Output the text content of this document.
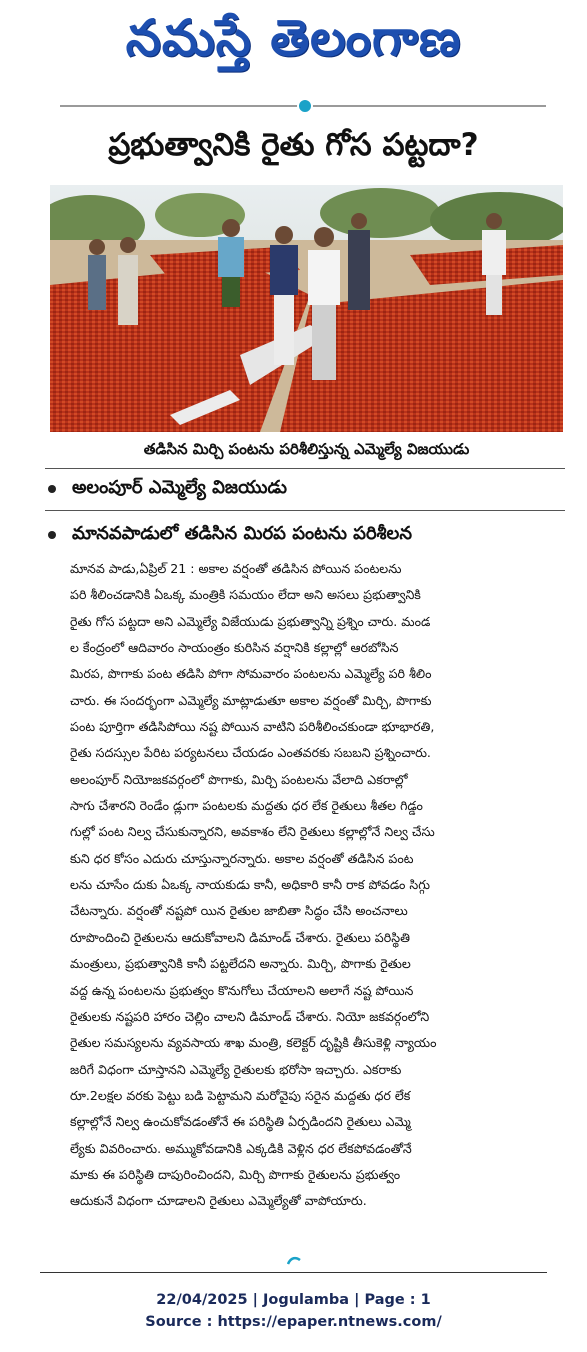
నమస్తే తెలంగాణ
ప్రభుత్వానికి రైతు గోస పట్టదా?
తడిసిన మిర్చి పంటను పరిశీలిస్తున్న ఎమ్మెల్యే విజయుడు
అలంపూర్ ఎమ్మెల్యే విజయుడు
మానవపాడులో తడిసిన మిరప పంటను పరిశీలన
మానవ పాడు,ఏప్రిల్ 21 : అకాల వర్షంతో తడిసిన పోయిన పంటలను
పరి శీలించడానికి ఏఒక్క మంత్రికి సమయం లేదా అని అసలు ప్రభుత్వానికి
రైతు గోస పట్టదా అని ఎమ్మెల్యే విజేయుడు ప్రభుత్వాన్ని ప్రశ్నిం చారు. మండ
ల కేంద్రంలో ఆదివారం సాయంత్రం కురిసిన వర్షానికి కల్లాల్లో ఆరబోసిన
మిరప, పొగాకు పంట తడిసి పోగా సోమవారం పంటలను ఎమ్మెల్యే పరి శీలిం
చారు. ఈ సందర్భంగా ఎమ్మెల్యే మాట్లాడుతూ అకాల వర్షంతో మిర్చి, పొగాకు
పంట పూర్తిగా తడిసిపోయి నష్ట పోయిన వాటిని పరిశీలించకుండా భూభారతి,
రైతు సదస్సుల పేరిట పర్యటనలు చేయడం ఎంతవరకు సబబని ప్రశ్నించారు.
అలంపూర్ నియోజకవర్గంలో పొగాకు, మిర్చి పంటలను వేలాది ఎకరాల్లో
సాగు చేశారని రెండేం డ్లుగా పంటలకు మద్దతు ధర లేక రైతులు శీతల గిడ్డం
గుల్లో పంట నిల్వ చేసుకున్నారని, అవకాశం లేని రైతులు కల్లాల్లోనే నిల్వ చేసు
కుని ధర కోసం ఎదురు చూస్తున్నారన్నారు. అకాల వర్షంతో తడిసిన పంట
లను చూసేం దుకు ఏఒక్క నాయకుడు కానీ, అధికారి కానీ రాక పోవడం సిగ్గు
చేటన్నారు. వర్షంతో నష్టపో యిన రైతుల జాబితా సిద్ధం చేసి అంచనాలు
రూపొందించి రైతులను ఆదుకోవాలని డిమాండ్ చేశారు. రైతులు పరిస్థితి
మంత్రులు, ప్రభుత్వానికి కానీ పట్టలేదని అన్నారు. మిర్చి, పొగాకు రైతుల
వద్ద ఉన్న పంటలను ప్రభుత్వం కొనుగోలు చేయాలని అలాగే నష్ట పోయిన
రైతులకు నష్టపరి హారం చెల్లిం చాలని డిమాండ్ చేశారు. నియో జకవర్గంలోని
రైతుల సమస్యలను వ్యవసాయ శాఖ మంత్రి, కలెక్టర్ దృష్టికి తీసుకెళ్లి న్యాయం
జరిగే విధంగా చూస్తానని ఎమ్మెల్యే రైతులకు భరోసా ఇచ్చారు. ఎకరాకు
రూ.2లక్షల వరకు పెట్టు బడి పెట్టామని మరోవైపు సరైన మద్దతు ధర లేక
కల్లాల్లోనే నిల్వ ఉంచుకోవడంతోనే ఈ పరిస్థితి ఏర్పడిందని రైతులు ఎమ్మె
ల్యేకు వివరించారు. అమ్ముకోవడానికి ఎక్కడికి వెళ్లిన ధర లేకపోవడంతోనే
మాకు ఈ పరిస్థితి దాపురించిందని, మిర్చి పొగాకు రైతులను ప్రభుత్వం
ఆదుకునే విధంగా చూడాలని రైతులు ఎమ్మెల్యేతో వాపోయారు.
22/04/2025 | Jogulamba | Page : 1
Source : https://epaper.ntnews.com/
